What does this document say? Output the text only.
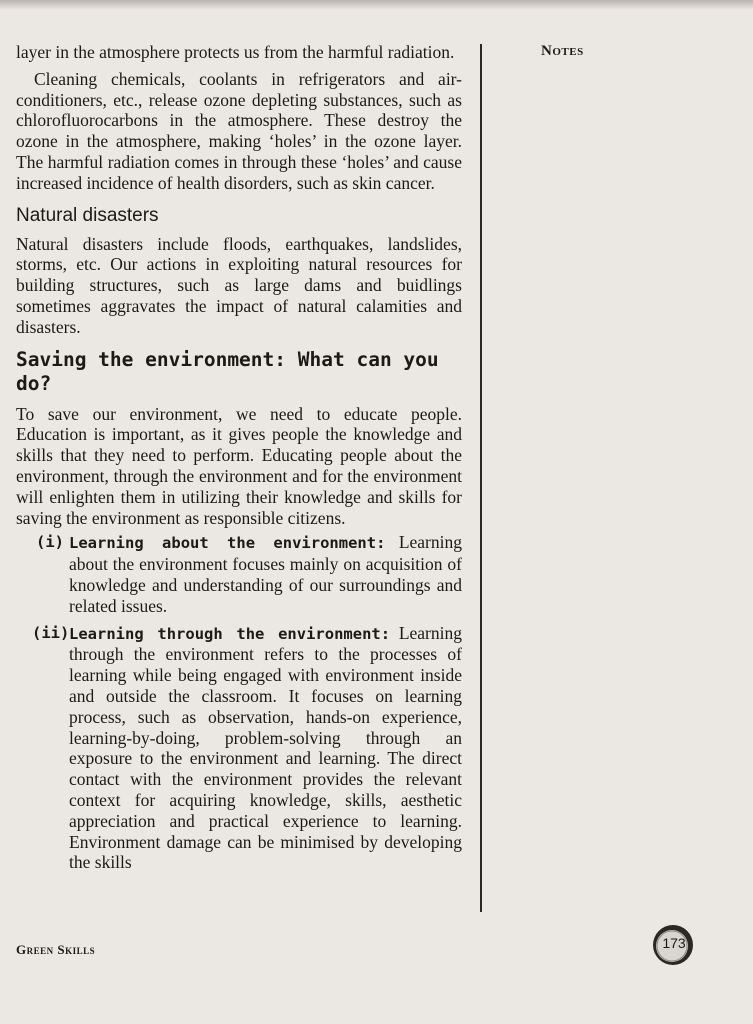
Notes

layer in the atmosphere protects us from the harmful radiation.

Cleaning chemicals, coolants in refrigerators and air-conditioners, etc., release ozone depleting substances, such as chlorofluorocarbons in the atmosphere. These destroy the ozone in the atmosphere, making ‘holes’ in the ozone layer. The harmful radiation comes in through these ‘holes’ and cause increased incidence of health disorders, such as skin cancer.

Natural disasters

Natural disasters include floods, earthquakes, landslides, storms, etc. Our actions in exploiting natural resources for building structures, such as large dams and buidlings sometimes aggravates the impact of natural calamities and disasters.

Saving the environment: What can you do?

To save our environment, we need to educate people. Education is important, as it gives people the knowledge and skills that they need to perform. Educating people about the environment, through the environment and for the environment will enlighten them in utilizing their knowledge and skills for saving the environment as responsible citizens.

(i) Learning about the environment: Learning about the environment focuses mainly on acquisition of knowledge and understanding of our surroundings and related issues.
(ii) Learning through the environment: Learning through the environment refers to the processes of learning while being engaged with environment inside and outside the classroom. It focuses on learning process, such as observation, hands-on experience, learning-by-doing, problem-solving through an exposure to the environment and learning. The direct contact with the environment provides the relevant context for acquiring knowledge, skills, aesthetic appreciation and practical experience to learning. Environment damage can be minimised by developing the skills
Green Skills	173
